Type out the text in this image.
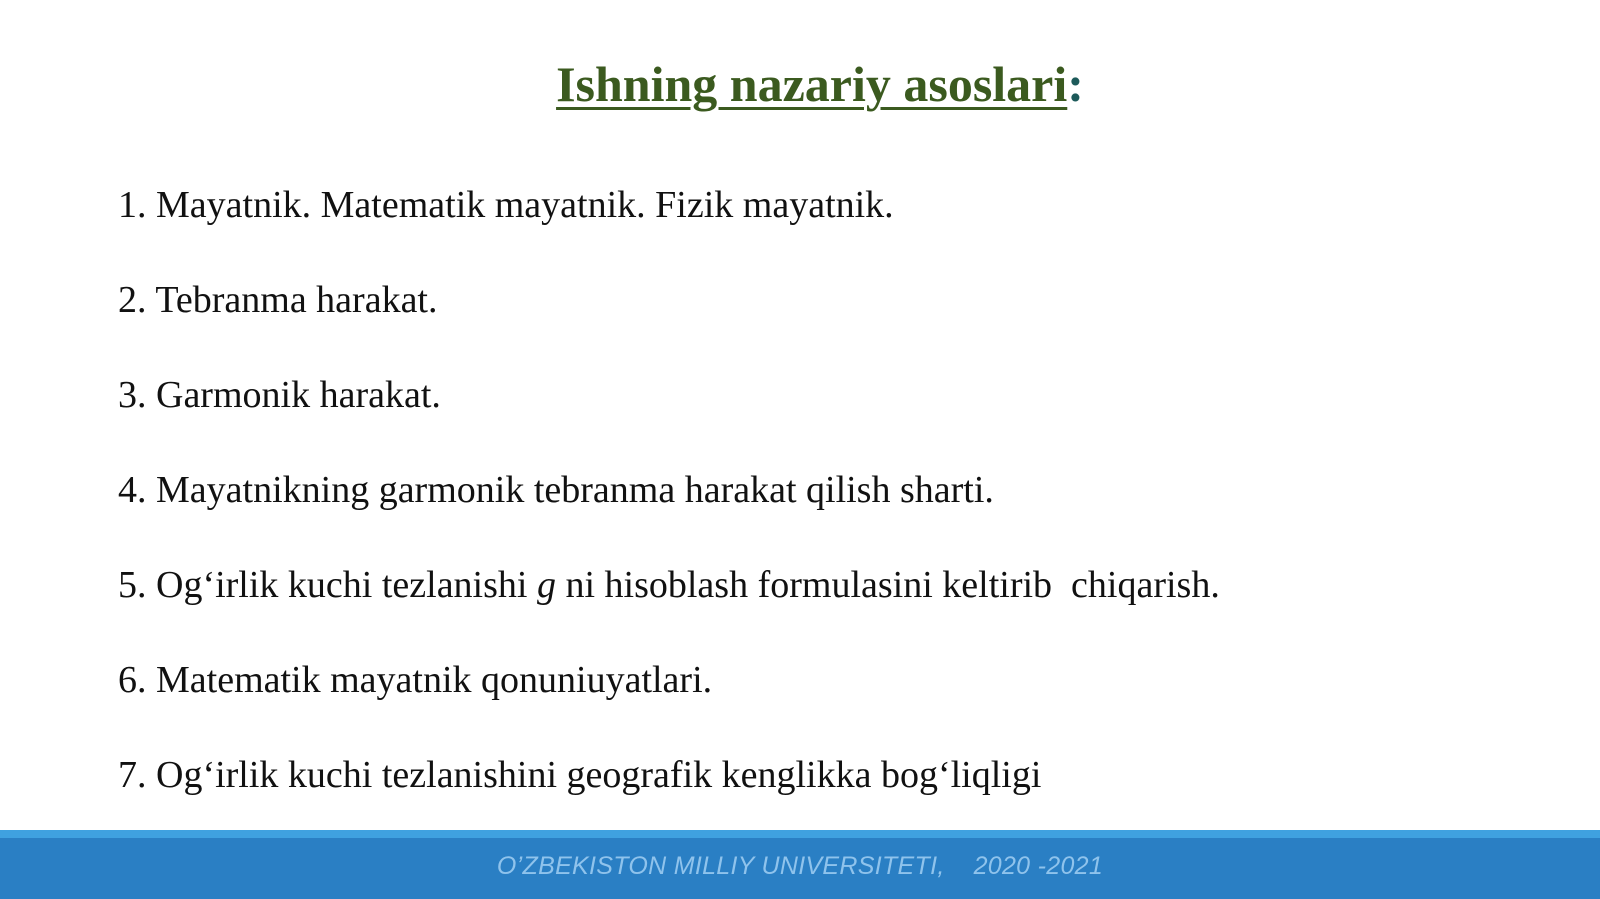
Ishning nazariy asoslari:
1. Mayatnik. Matematik mayatnik. Fizik mayatnik.
2. Tebranma harakat.
3. Garmonik harakat.
4. Mayatnikning garmonik tebranma harakat qilish sharti.
5. Og‘irlik kuchi tezlanishi g ni hisoblash formulasini keltirib  chiqarish.
6. Matematik mayatnik qonuniuyatlari.
7. Og‘irlik kuchi tezlanishini geografik kenglikka bog‘liqligi
O’ZBEKISTON MILLIY UNIVERSITETI,    2020 -2021
